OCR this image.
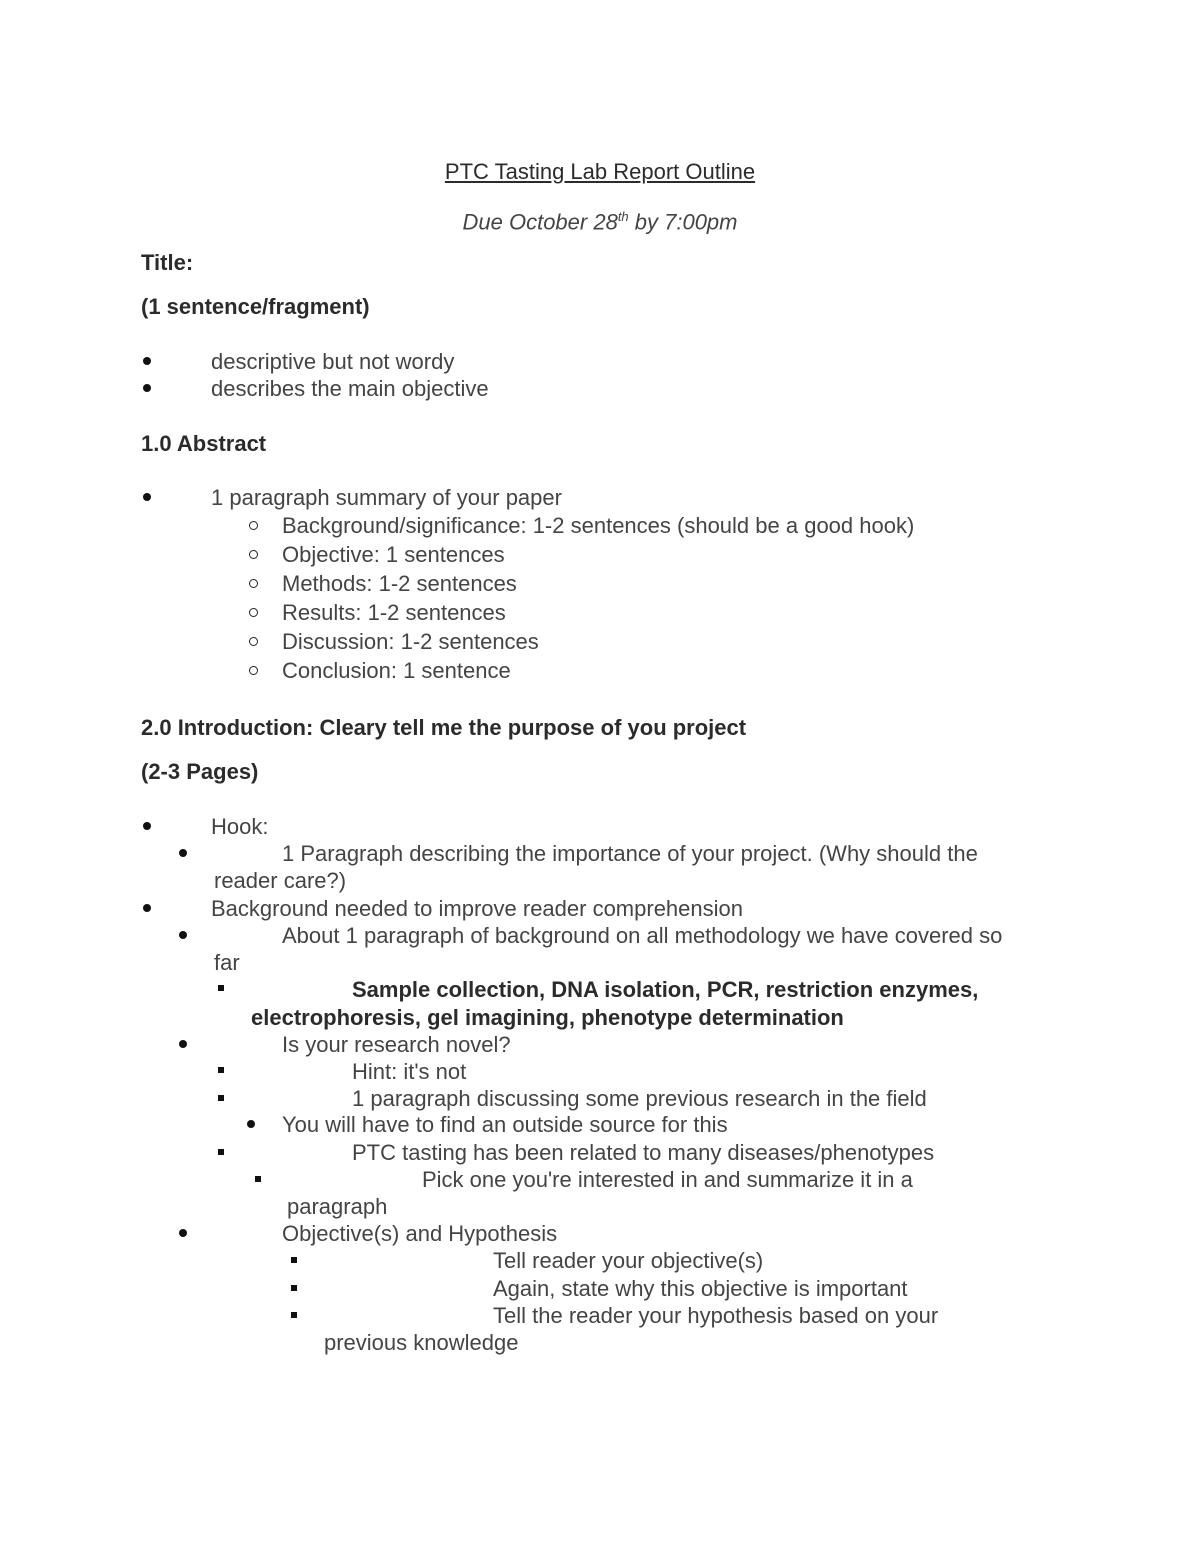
PTC Tasting Lab Report Outline
Due October 28th by 7:00pm
Title:
(1 sentence/fragment)
descriptive but not wordy
describes the main objective
1.0 Abstract
1 paragraph summary of your paper
Background/significance: 1-2 sentences (should be a good hook)
Objective: 1 sentences
Methods: 1-2 sentences
Results: 1-2 sentences
Discussion: 1-2 sentences
Conclusion: 1 sentence
2.0 Introduction: Cleary tell me the purpose of you project
(2-3 Pages)
Hook:
1 Paragraph describing the importance of your project. (Why should the
reader care?)
Background needed to improve reader comprehension
About 1 paragraph of background on all methodology we have covered so
far
Sample collection, DNA isolation, PCR, restriction enzymes,
electrophoresis, gel imagining, phenotype determination
Is your research novel?
Hint: it's not
1 paragraph discussing some previous research in the field
You will have to find an outside source for this
PTC tasting has been related to many diseases/phenotypes
Pick one you're interested in and summarize it in a
paragraph
Objective(s) and Hypothesis
Tell reader your objective(s)
Again, state why this objective is important
Tell the reader your hypothesis based on your
previous knowledge
